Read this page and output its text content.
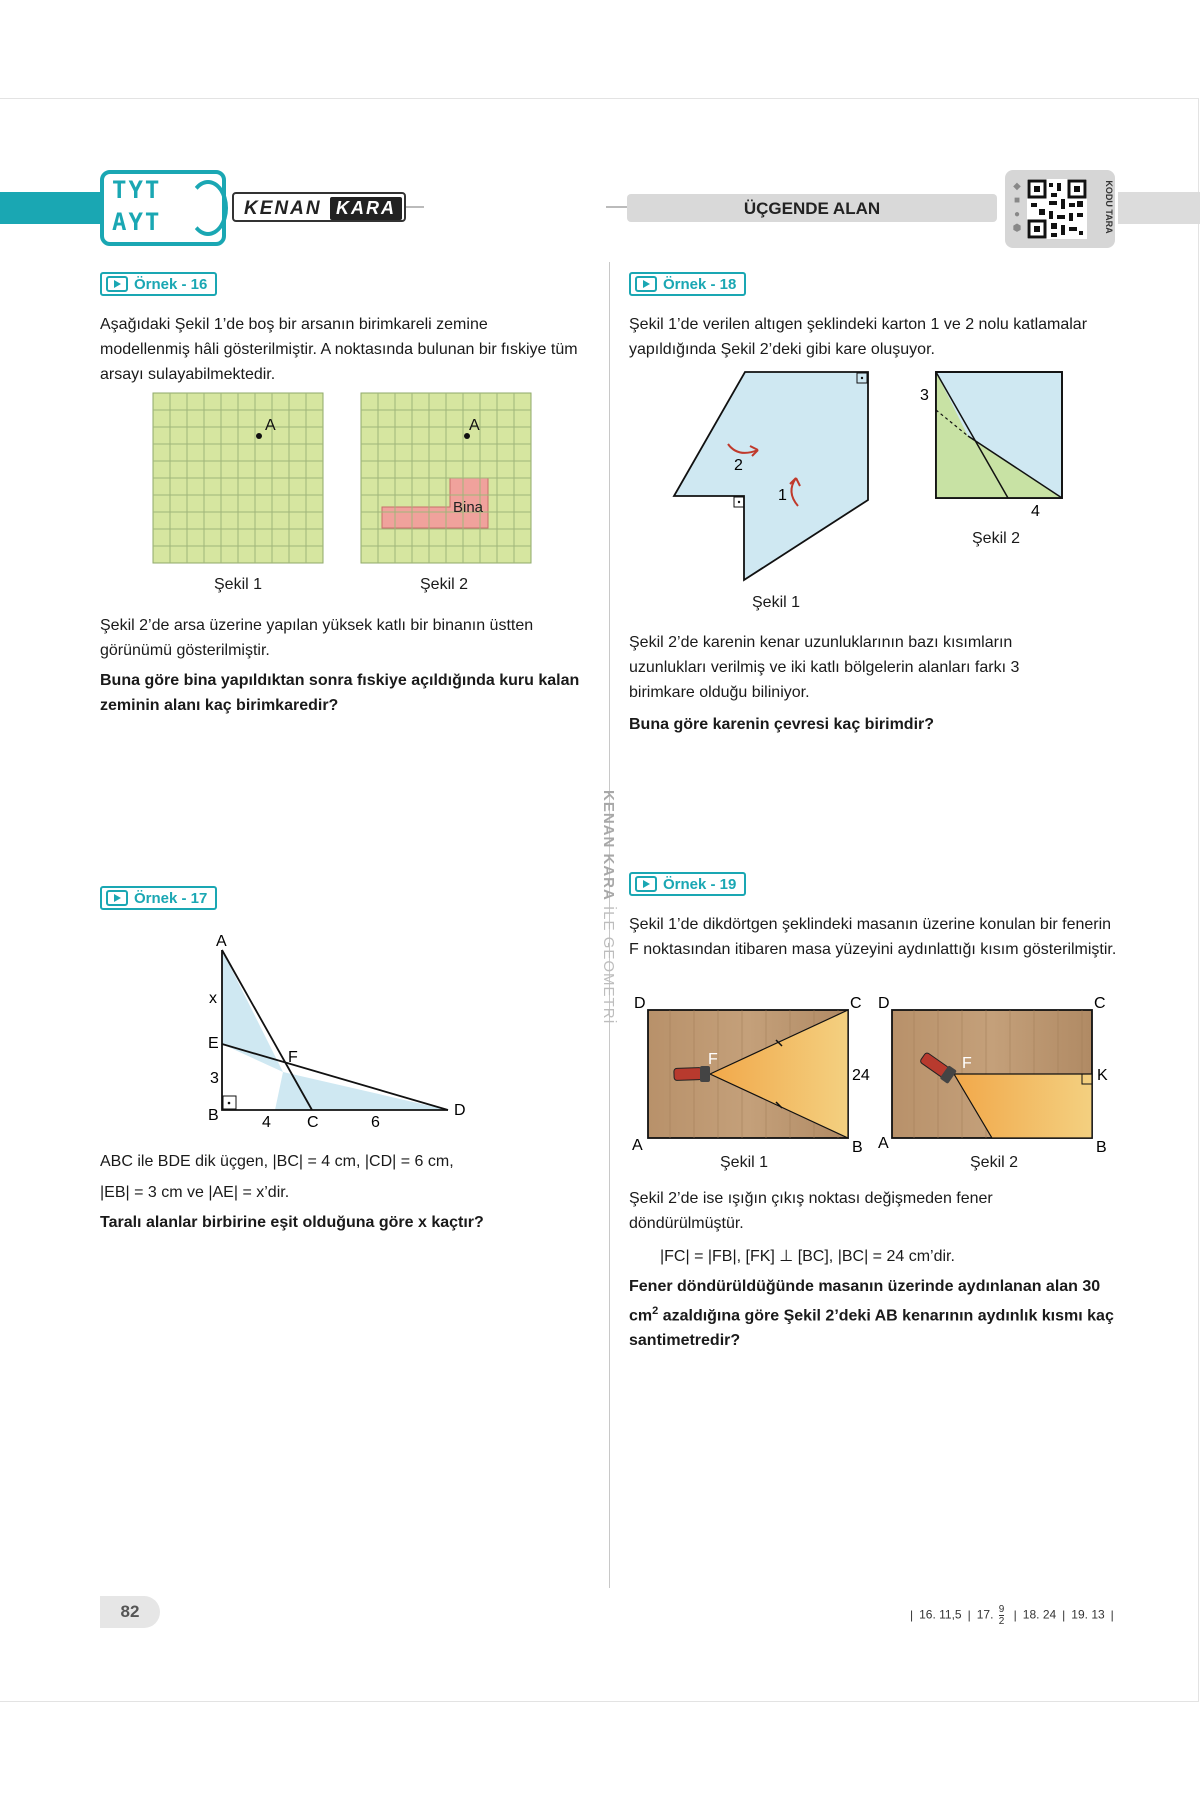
TYT
AYT	KENAN KARA	ÜÇGENDE ALAN
◆
■
●
⬢	KODU TARA
KENAN KARA İLE GEOMETRİ
Örnek - 16
Aşağıdaki Şekil 1’de boş bir arsanın birimkareli zemine modellenmiş hâli gösterilmiştir. A noktasında bulunan bir fıskiye tüm arsayı sulayabilmektedir.
A	A
Bina
Şekil 1	Şekil 2
Şekil 2’de arsa üzerine yapılan yüksek katlı bir binanın üstten görünümü gösterilmiştir.
Buna göre bina yapıldıktan sonra fıskiye açıldığında kuru kalan zeminin alanı kaç birimkaredir?
Örnek - 17
A
x
E
F
3
B	4 C	6
D
ABC ile BDE dik üçgen, |BC| = 4 cm, |CD| = 6 cm,
|EB| = 3 cm ve |AE| = x’dir.
Taralı alanlar birbirine eşit olduğuna göre x kaçtır?
Örnek - 18
Şekil 1’de verilen altıgen şeklindeki karton 1 ve 2 nolu katlamalar yapıldığında Şekil 2’deki gibi kare oluşuyor.
2
1
3
4
Şekil 2
Şekil 1
Şekil 2’de karenin kenar uzunluklarının bazı kısımların uzunlukları verilmiş ve iki katlı bölgelerin alanları farkı 3 birimkare olduğu biliniyor.
Buna göre karenin çevresi kaç birimdir?
Örnek - 19
Şekil 1’de dikdörtgen şeklindeki masanın üzerine konulan bir fenerin F noktasından itibaren masa yüzeyini aydınlattığı kısım gösterilmiştir.
D	C
A	B
F
24
Şekil 1
D	C
A	B
F
K
Şekil 2
Şekil 2’de ise ışığın çıkış noktası değişmeden fener döndürülmüştür.
|FC| = |FB|, [FK] ⊥ [BC], |BC| = 24 cm’dir.
Fener döndürüldüğünde masanın üzerinde aydınlanan alan 30 $cm^2$ azaldığına göre Şekil 2’deki AB kenarının aydınlık kısmı kaç santimetredir?
82	| 16. 11,5 | 17. $\frac{9}{2}$ | 18. 24 | 19. 13 |
